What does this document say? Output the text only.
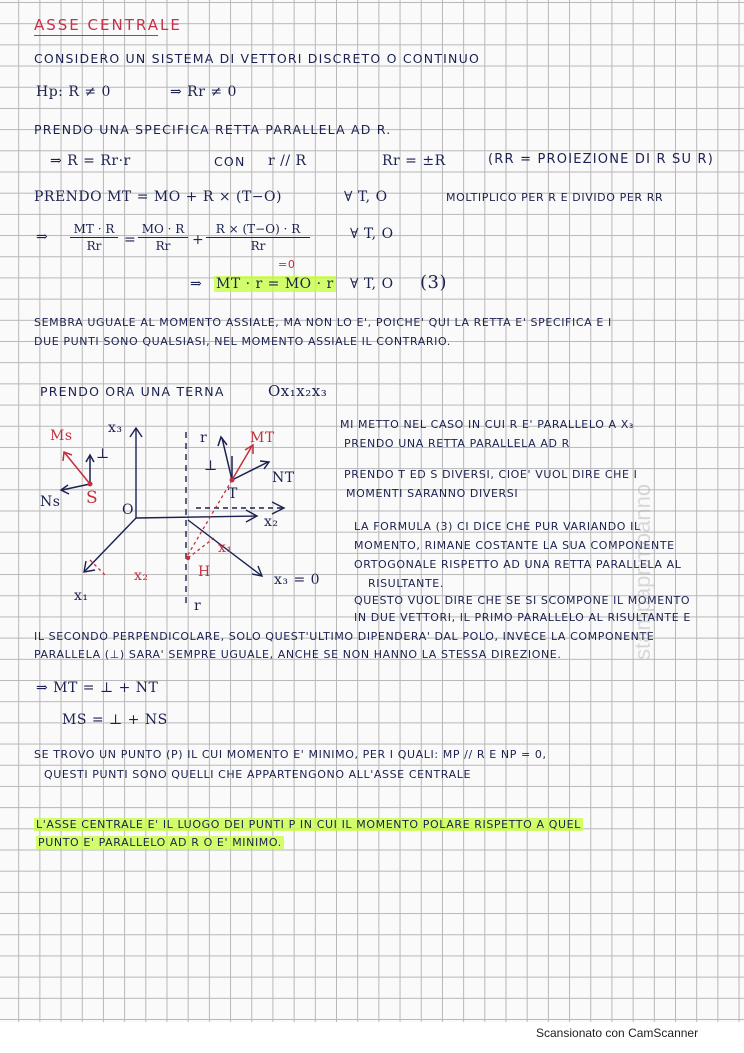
ASSE CENTRALE
CONSIDERO UN SISTEMA DI VETTORI DISCRETO O CONTINUO
Hp: R ≠ 0	⇒ Rr ≠ 0
PRENDO UNA SPECIFICA RETTA PARALLELA AD R.
⇒ R = Rr·r	CON r // R	Rr = ±R	(RR = PROIEZIONE DI R SU R)
PRENDO MT = MO + R × (T−O)	∀ T, O	MOLTIPLICO PER R E DIVIDO PER RR
⇒	MT · R
Rr	=
MO · R
Rr	+
R × (T−O) · R
Rr
=0
∀ T, O
⇒ MT · r = MO · r ∀ T, O (3)
SEMBRA UGUALE AL MOMENTO ASSIALE, MA NON LO E', POICHE' QUI LA RETTA E' SPECIFICA E I
DUE PUNTI SONO QUALSIASI, NEL MOMENTO ASSIALE IL CONTRARIO.
PRENDO ORA UNA TERNA	Ox₁x₂x₃
x₃
x₂
x₁
x₁
x₂	x₃ = 0
O
S	T
H
r
Ms
⊥
Ns
MT
r
⊥
NT
MI METTO NEL CASO IN CUI R E' PARALLELO A X₃
PRENDO UNA RETTA PARALLELA AD R
PRENDO T ED S DIVERSI, CIOE' VUOL DIRE CHE I
MOMENTI SARANNO DIVERSI
LA FORMULA (3) CI DICE CHE PUR VARIANDO IL
MOMENTO, RIMANE COSTANTE LA SUA COMPONENTE
ORTOGONALE RISPETTO AD UNA RETTA PARALLELA AL
RISULTANTE.
QUESTO VUOL DIRE CHE SE SI SCOMPONE IL MOMENTO
IN DUE VETTORI, IL PRIMO PARALLELO AL RISULTANTE E
IL SECONDO PERPENDICOLARE, SOLO QUEST'ULTIMO DIPENDERA' DAL POLO, INVECE LA COMPONENTE
PARALLELA (⊥) SARA' SEMPRE UGUALE, ANCHE SE NON HANNO LA STESSA DIREZIONE.
⇒ MT = ⊥ + NT
MS = ⊥ + NS
SE TROVO UN PUNTO (P) IL CUI MOMENTO E' MINIMO, PER I QUALI: MP // R E NP = 0,
QUESTI PUNTI SONO QUELLI CHE APPARTENGONO ALL'ASSE CENTRALE
L'ASSE CENTRALE E' IL LUOGO DEI PUNTI P IN CUI IL MOMENTO POLARE RISPETTO A QUEL
PUNTO E' PARALLELO AD R O E' MINIMO.
stampaprimoanno
Scansionato con CamScanner
